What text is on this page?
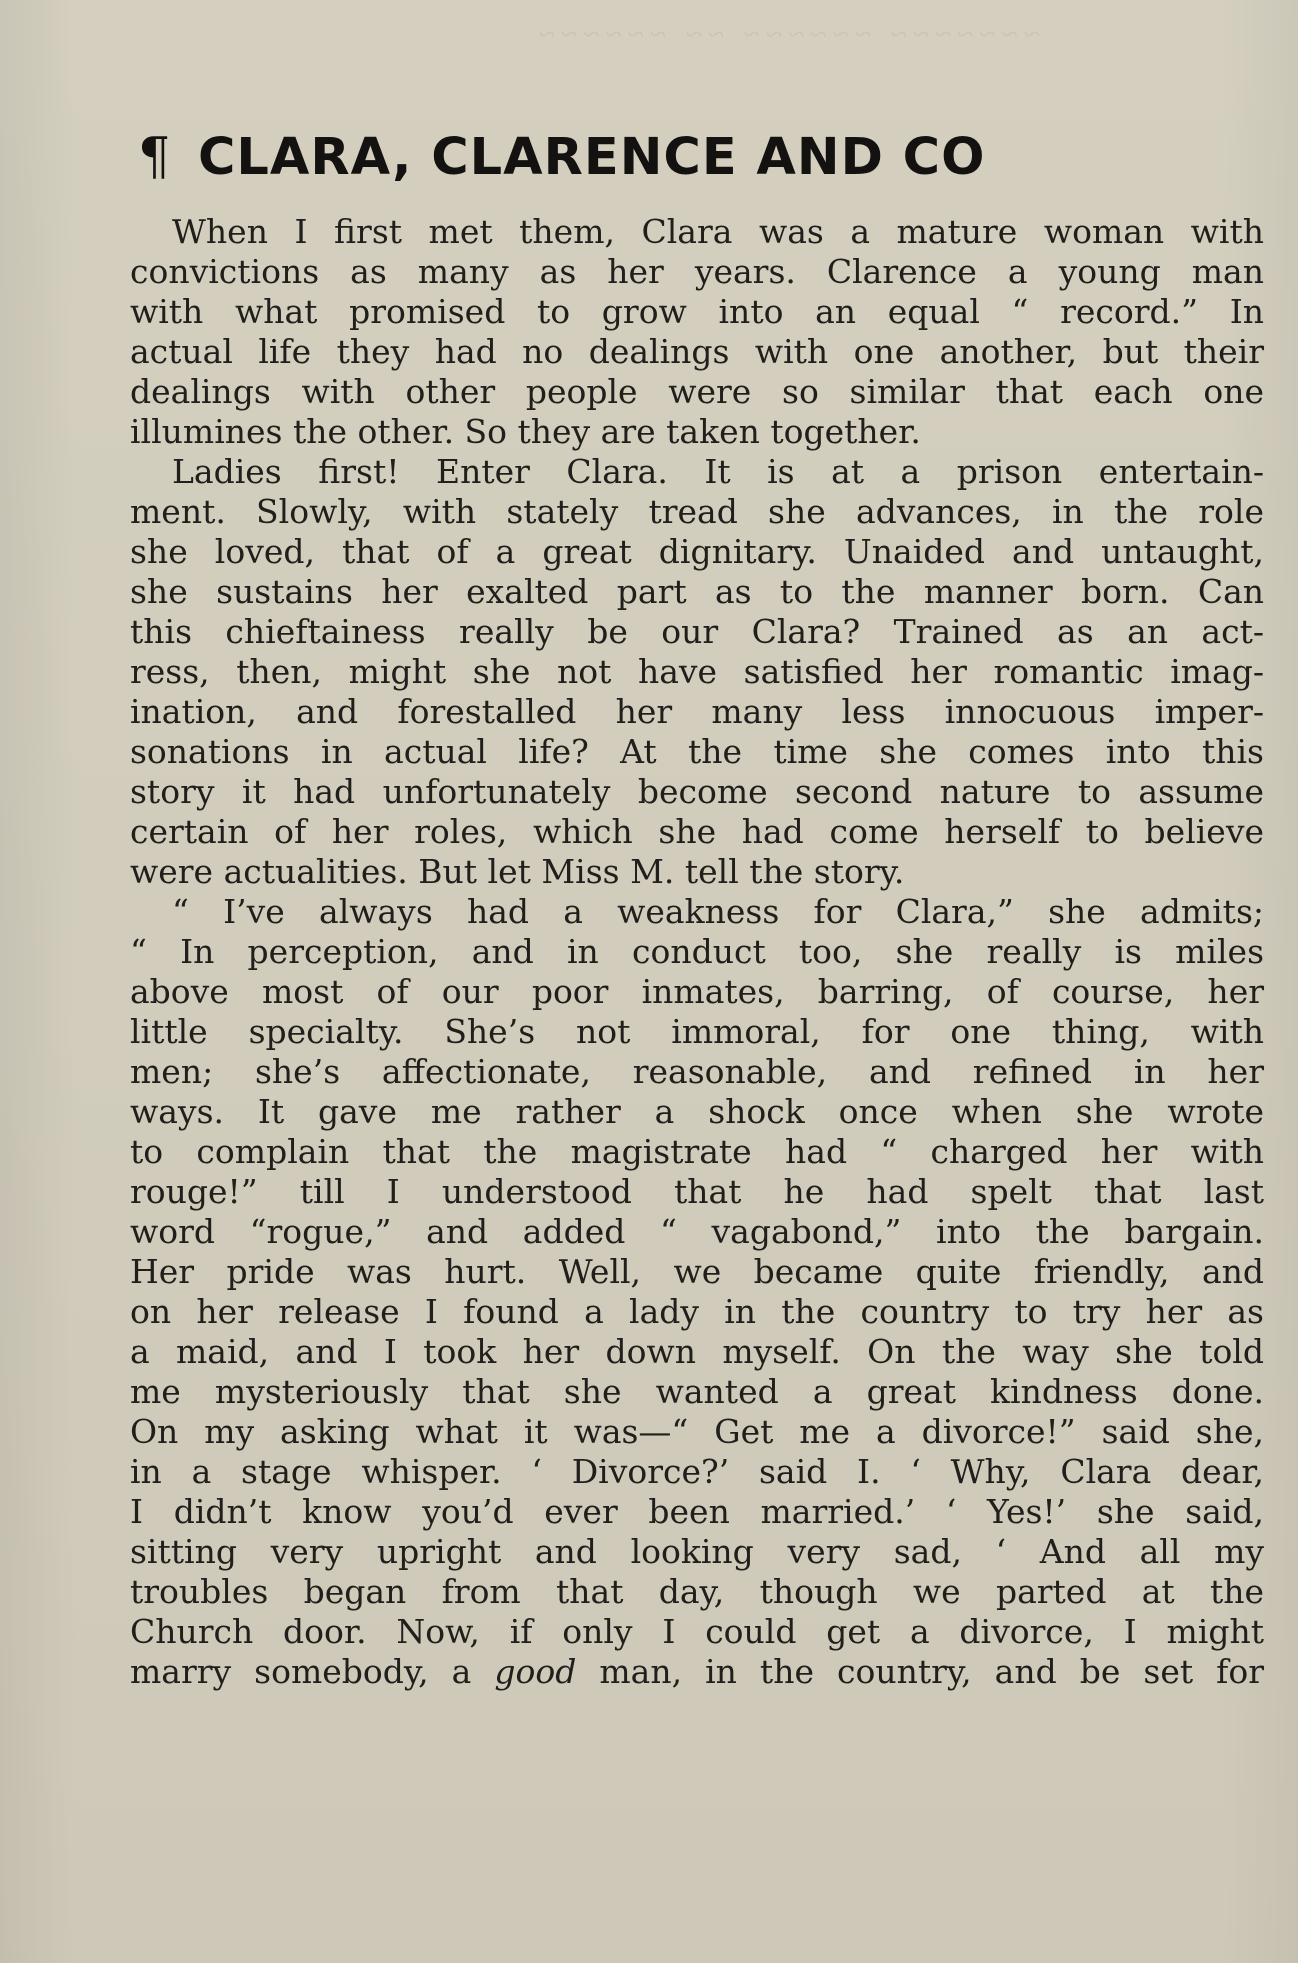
~~~~~~~ ~~~~~~ ~~ ~~~~~~
¶ CLARA, CLARENCE AND CO
When I first met them, Clara was a mature woman with
convictions as many as her years. Clarence a young man
with what promised to grow into an equal “ record.” In
actual life they had no dealings with one another, but their
dealings with other people were so similar that each one
illumines the other. So they are taken together.
Ladies first! Enter Clara. It is at a prison entertain-
ment. Slowly, with stately tread she advances, in the role
she loved, that of a great dignitary. Unaided and untaught,
she sustains her exalted part as to the manner born. Can
this chieftainess really be our Clara? Trained as an act-
ress, then, might she not have satisfied her romantic imag-
ination, and forestalled her many less innocuous imper-
sonations in actual life? At the time she comes into this
story it had unfortunately become second nature to assume
certain of her roles, which she had come herself to believe
were actualities. But let Miss M. tell the story.
“ I’ve always had a weakness for Clara,” she admits;
“ In perception, and in conduct too, she really is miles
above most of our poor inmates, barring, of course, her
little specialty. She’s not immoral, for one thing, with
men; she’s affectionate, reasonable, and refined in her
ways. It gave me rather a shock once when she wrote
to complain that the magistrate had “ charged her with
rouge!” till I understood that he had spelt that last
word “rogue,” and added “ vagabond,” into the bargain.
Her pride was hurt. Well, we became quite friendly, and
on her release I found a lady in the country to try her as
a maid, and I took her down myself. On the way she told
me mysteriously that she wanted a great kindness done.
On my asking what it was—“ Get me a divorce!” said she,
in a stage whisper. ‘ Divorce?’ said I. ‘ Why, Clara dear,
I didn’t know you’d ever been married.’ ‘ Yes!’ she said,
sitting very upright and looking very sad, ‘ And all my
troubles began from that day, though we parted at the
Church door. Now, if only I could get a divorce, I might
marry somebody, a good man, in the country, and be set for
